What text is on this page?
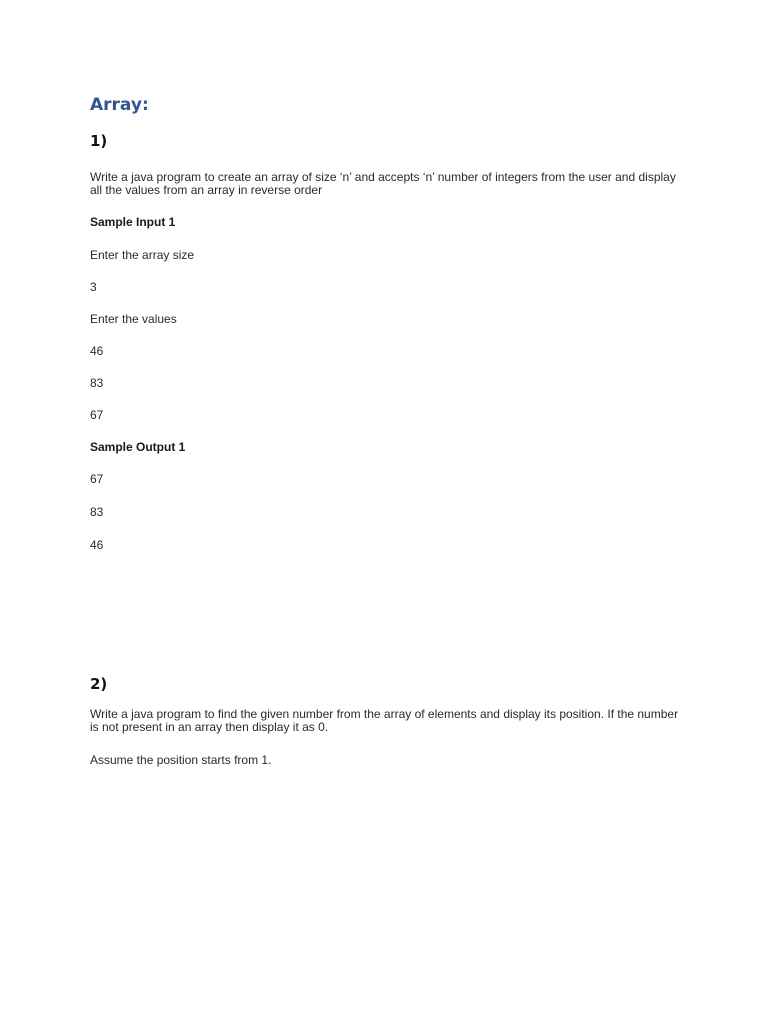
Array:
1)

Write a java program to create an array of size ‘n’ and accepts ‘n’ number of integers from the user and display all the values from an array in reverse order

Sample Input 1
Enter the array size
3
Enter the values
46
83
67
Sample Output 1
67
83
46
2)

Write a java program to find the given number from the array of elements and display its position. If the number is not present in an array then display it as 0.

Assume the position starts from 1.
